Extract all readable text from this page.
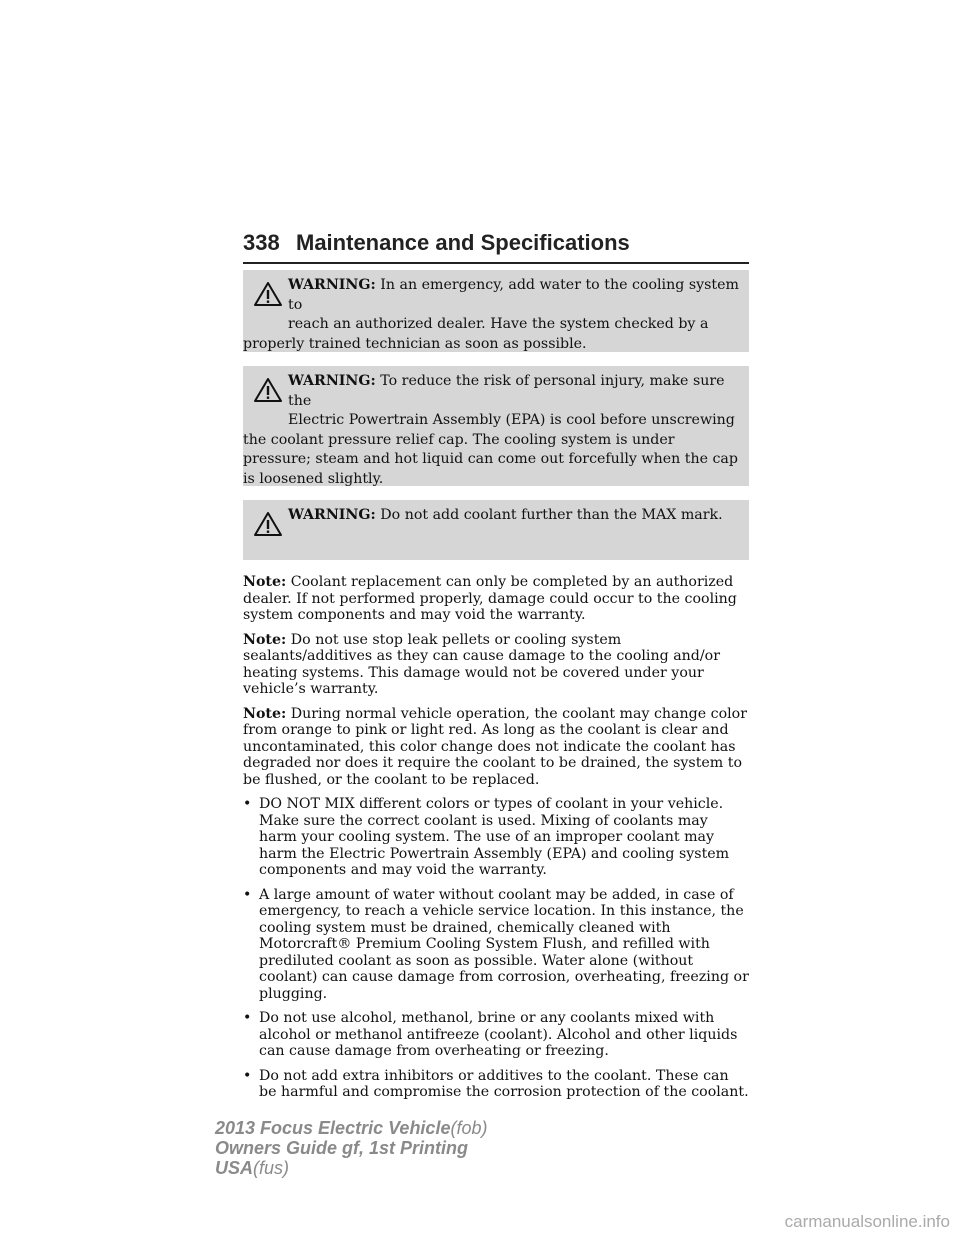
338 Maintenance and Specifications
WARNING: In an emergency, add water to the cooling system to
reach an authorized dealer. Have the system checked by a properly trained technician as soon as possible.
WARNING: To reduce the risk of personal injury, make sure the
Electric Powertrain Assembly (EPA) is cool before unscrewing the coolant pressure relief cap. The cooling system is under pressure; steam and hot liquid can come out forcefully when the cap is loosened slightly.
WARNING: Do not add coolant further than the MAX mark.

Note: Coolant replacement can only be completed by an authorized dealer. If not performed properly, damage could occur to the cooling system components and may void the warranty.

Note: Do not use stop leak pellets or cooling system sealants/additives as they can cause damage to the cooling and/or heating systems. This damage would not be covered under your vehicle’s warranty.

Note: During normal vehicle operation, the coolant may change color from orange to pink or light red. As long as the coolant is clear and uncontaminated, this color change does not indicate the coolant has degraded nor does it require the coolant to be drained, the system to be flushed, or the coolant to be replaced.

• DO NOT MIX different colors or types of coolant in your vehicle. Make sure the correct coolant is used. Mixing of coolants may harm your cooling system. The use of an improper coolant may harm the Electric Powertrain Assembly (EPA) and cooling system components and may void the warranty.
• A large amount of water without coolant may be added, in case of emergency, to reach a vehicle service location. In this instance, the cooling system must be drained, chemically cleaned with Motorcraft® Premium Cooling System Flush, and refilled with prediluted coolant as soon as possible. Water alone (without coolant) can cause damage from corrosion, overheating, freezing or plugging.
• Do not use alcohol, methanol, brine or any coolants mixed with alcohol or methanol antifreeze (coolant). Alcohol and other liquids can cause damage from overheating or freezing.
• Do not add extra inhibitors or additives to the coolant. These can be harmful and compromise the corrosion protection of the coolant.
2013 Focus Electric Vehicle(fob)
Owners Guide gf, 1st Printing
USA(fus)
carmanualsonline.info
